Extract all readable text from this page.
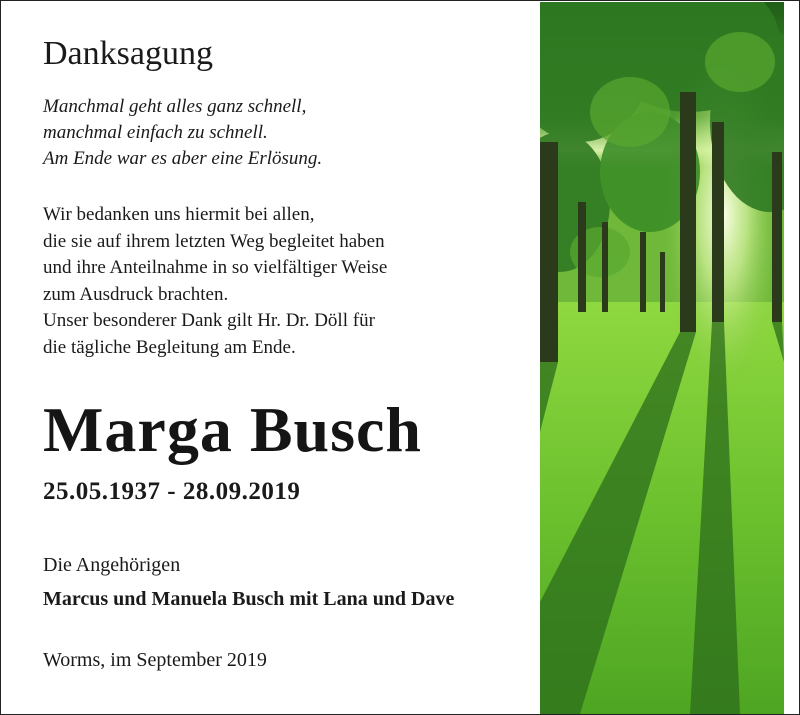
Danksagung
Manchmal geht alles ganz schnell,
manchmal einfach zu schnell.
Am Ende war es aber eine Erlösung.
Wir bedanken uns hiermit bei allen,
die sie auf ihrem letzten Weg begleitet haben
und ihre Anteilnahme in so vielfältiger Weise
zum Ausdruck brachten.
Unser besonderer Dank gilt Hr. Dr. Döll für
die tägliche Begleitung am Ende.
Marga Busch
25.05.1937 - 28.09.2019
Die Angehörigen
Marcus und Manuela Busch mit Lana und Dave
Worms, im September 2019
